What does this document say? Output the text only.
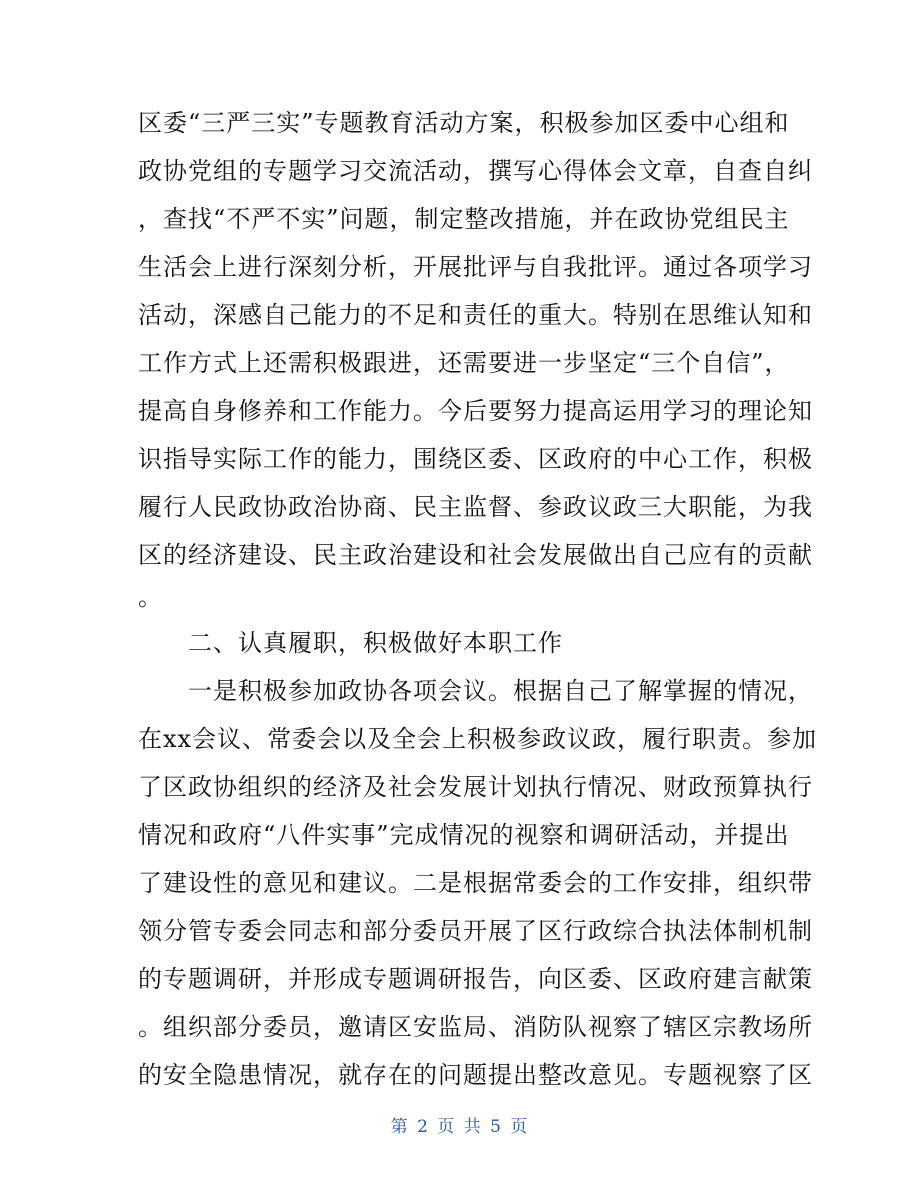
区委“三严三实”专题教育活动方案，积极参加区委中心组和
政协党组的专题学习交流活动，撰写心得体会文章，自查自纠
，查找“不严不实”问题，制定整改措施，并在政协党组民主
生活会上进行深刻分析，开展批评与自我批评。通过各项学习
活动，深感自己能力的不足和责任的重大。特别在思维认知和
工作方式上还需积极跟进，还需要进一步坚定“三个自信”，
提高自身修养和工作能力。今后要努力提高运用学习的理论知
识指导实际工作的能力，围绕区委、区政府的中心工作，积极
履行人民政协政治协商、民主监督、参政议政三大职能，为我
区的经济建设、民主政治建设和社会发展做出自己应有的贡献
。
　　二、认真履职，积极做好本职工作
　　一是积极参加政协各项会议。根据自己了解掌握的情况，
在xx会议、常委会以及全会上积极参政议政，履行职责。参加
了区政协组织的经济及社会发展计划执行情况、财政预算执行
情况和政府“八件实事”完成情况的视察和调研活动，并提出
了建设性的意见和建议。二是根据常委会的工作安排，组织带
领分管专委会同志和部分委员开展了区行政综合执法体制机制
的专题调研，并形成专题调研报告，向区委、区政府建言献策
。组织部分委员，邀请区安监局、消防队视察了辖区宗教场所
的安全隐患情况，就存在的问题提出整改意见。专题视察了区
第 2 页 共 5 页
